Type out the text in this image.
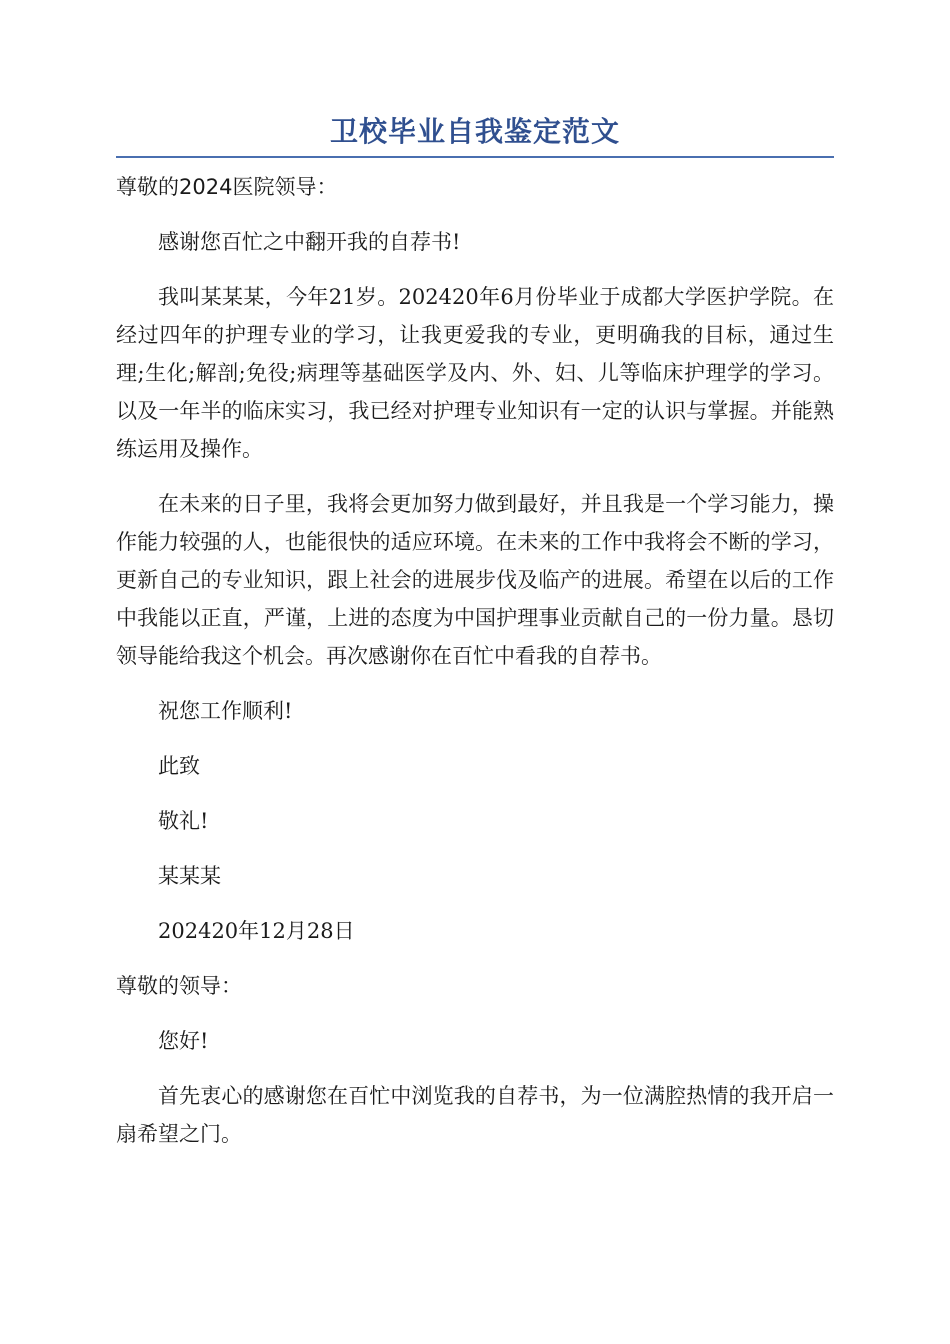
卫校毕业自我鉴定范文

尊敬的2024医院领导：

感谢您百忙之中翻开我的自荐书!

我叫某某某，今年21岁。202420年6月份毕业于成都大学医护学院。在经过四年的护理专业的学习，让我更爱我的专业，更明确我的目标，通过生理;生化;解剖;免役;病理等基础医学及内、外、妇、儿等临床护理学的学习。以及一年半的临床实习，我已经对护理专业知识有一定的认识与掌握。并能熟练运用及操作。

在未来的日子里，我将会更加努力做到最好，并且我是一个学习能力，操作能力较强的人，也能很快的适应环境。在未来的工作中我将会不断的学习，更新自己的专业知识，跟上社会的进展步伐及临产的进展。希望在以后的工作中我能以正直，严谨，上进的态度为中国护理事业贡献自己的一份力量。恳切领导能给我这个机会。再次感谢你在百忙中看我的自荐书。

祝您工作顺利!

此致

敬礼!

某某某

202420年12月28日

尊敬的领导：

您好!

首先衷心的感谢您在百忙中浏览我的自荐书，为一位满腔热情的我开启一扇希望之门。
